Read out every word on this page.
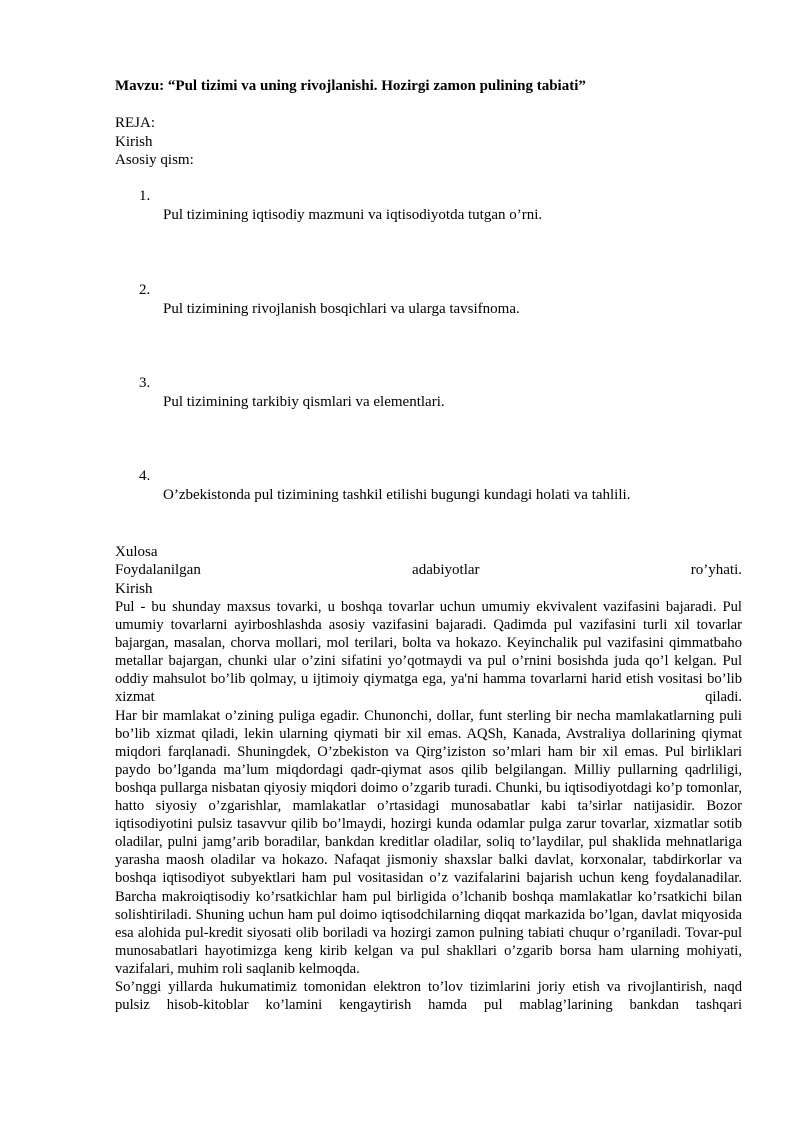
Mavzu: “Pul tizimi va uning rivojlanishi. Hozirgi zamon pulining tabiati”
REJA:
Kirish
Asosiy qism:
1.
Pul tizimining iqtisodiy mazmuni va iqtisodiyotda tutgan o’rni.
2.
Pul tizimining rivojlanish bosqichlari va ularga tavsifnoma.
3.
Pul tizimining tarkibiy qismlari va elementlari.
4.
O’zbekistonda pul tizimining tashkil etilishi bugungi kundagi holati va tahlili.
Xulosa
Foydalanilgan	adabiyotlar	ro’yhati.
Kirish

Pul - bu shunday maxsus tovarki, u boshqa tovarlar uchun umumiy ekvivalent vazifasini bajaradi. Pul umumiy tovarlarni ayirboshlashda asosiy vazifasini bajaradi. Qadimda pul vazifasini turli xil tovarlar bajargan, masalan, chorva mollari, mol terilari, bolta va hokazo. Keyinchalik pul vazifasini qimmatbaho metallar bajargan, chunki ular o’zini sifatini yo’qotmaydi va pul o’rnini bosishda juda qo’l kelgan. Pul oddiy mahsulot bo’lib qolmay, u ijtimoiy qiymatga ega, ya'ni hamma tovarlarni harid etish vositasi bo’lib xizmat qiladi.

Har bir mamlakat o’zining puliga egadir. Chunonchi, dollar, funt sterling bir necha mamlakatlarning puli bo’lib xizmat qiladi, lekin ularning qiymati bir xil emas. AQSh, Kanada, Avstraliya dollarining qiymat miqdori farqlanadi. Shuningdek, O’zbekiston va Qirg’iziston so’mlari ham bir xil emas. Pul birliklari paydo bo’lganda ma’lum miqdordagi qadr-qiymat asos qilib belgilangan. Milliy pullarning qadrliligi, boshqa pullarga nisbatan qiyosiy miqdori doimo o’zgarib turadi. Chunki, bu iqtisodiyotdagi ko’p tomonlar, hatto siyosiy o’zgarishlar, mamlakatlar o’rtasidagi munosabatlar kabi ta’sirlar natijasidir. Bozor iqtisodiyotini pulsiz tasavvur qilib bo’lmaydi, hozirgi kunda odamlar pulga zarur tovarlar, xizmatlar sotib oladilar, pulni jamg’arib boradilar, bankdan kreditlar oladilar, soliq to’laydilar, pul shaklida mehnatlariga yarasha maosh oladilar va hokazo. Nafaqat jismoniy shaxslar balki davlat, korxonalar, tabdirkorlar va boshqa iqtisodiyot subyektlari ham pul vositasidan o’z vazifalarini bajarish uchun keng foydalanadilar. Barcha makroiqtisodiy ko’rsatkichlar ham pul birligida o’lchanib boshqa mamlakatlar ko’rsatkichi bilan solishtiriladi. Shuning uchun ham pul doimo iqtisodchilarning diqqat markazida bo’lgan, davlat miqyosida esa alohida pul-kredit siyosati olib boriladi va hozirgi zamon pulning tabiati chuqur o’rganiladi. Tovar-pul munosabatlari hayotimizga keng kirib kelgan va pul shakllari o’zgarib borsa ham ularning mohiyati, vazifalari, muhim roli saqlanib kelmoqda.

So’nggi yillarda hukumatimiz tomonidan elektron to’lov tizimlarini joriy etish va rivojlantirish, naqd pulsiz hisob-kitoblar ko’lamini kengaytirish hamda pul mablag’larining bankdan tashqari
